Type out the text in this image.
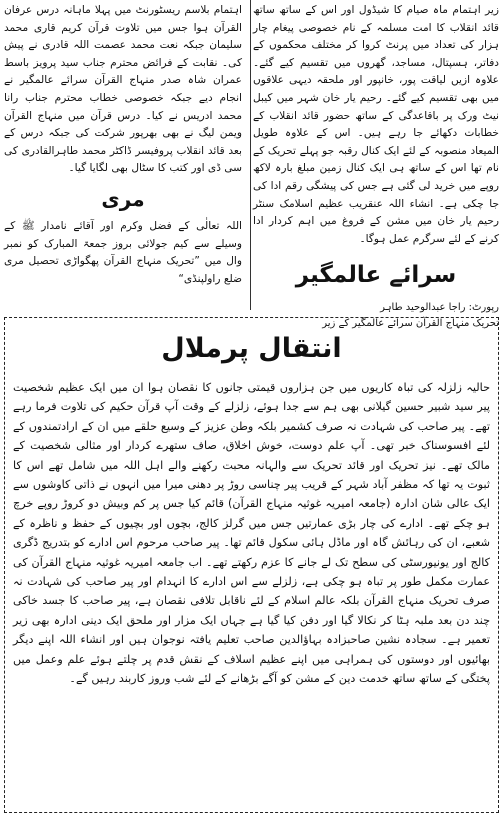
زیر اہتمام ماہ صیام کا شیڈول اور اس کے ساتھ ساتھ قائد انقلاب کا امت مسلمہ کے نام خصوصی پیغام چار ہزار کی تعداد میں پرنٹ کروا کر مختلف محکموں کے دفاتر، ہسپتال، مساجد، گھروں میں تقسیم کیے گئے۔ علاوہ ازیں لیاقت پور، خانپور اور ملحقہ دیہی علاقوں میں بھی تقسیم کیے گئے۔ رحیم یار خان شہر میں کیبل نیٹ ورک پر باقاعدگی کے ساتھ حضور قائد انقلاب کے خطابات دکھائے جا رہے ہیں۔ اس کے علاوہ طویل المیعاد منصوبہ کے لئے ایک کنال رقبہ جو پہلے تحریک کے نام تھا اس کے ساتھ ہی ایک کنال زمین مبلغ بارہ لاکھ روپے میں خرید لی گئی ہے جس کی پیشگی رقم ادا کی جا چکی ہے۔ انشاء اللہ عنقریب عظیم اسلامک سنٹر رحیم یار خان میں مشن کے فروغ میں اہم کردار ادا کرنے کے لئے سرگرم عمل ہوگا۔

سرائے عالمگیر
رپورٹ: راجا عبدالوحید طاہر
تحریک منہاج القرآن سرائے عالمگیر کے زیر

اہتمام بلاسم ریسٹورنٹ میں پہلا ماہانہ درس عرفان القرآن ہوا جس میں تلاوت قرآن کریم قاری محمد سلیمان جبکہ نعت محمد عصمت اللہ قادری نے پیش کی۔ نقابت کے فرائض محترم جناب سید پرویز باسط عمران شاہ صدر منہاج القرآن سرائے عالمگیر نے انجام دیے جبکہ خصوصی خطاب محترم جناب رانا محمد ادریس نے کیا۔ درس قرآن میں منہاج القرآن ویمن لیگ نے بھی بھرپور شرکت کی جبکہ درس کے بعد قائد انقلاب پروفیسر ڈاکٹر محمد طاہرالقادری کی سی ڈی اور کتب کا سٹال بھی لگایا گیا۔

مری

اللہ تعالٰی کے فضل وکرم اور آقائے نامدار ﷺ کے وسیلے سے کیم جولائی بروز جمعۃ المبارک کو نمبر وال میں ”تحریک منہاج القرآن پھگواڑی تحصیل مری ضلع راولپنڈی“

انتقال پرملال

حالیہ زلزلہ کی تباہ کاریوں میں جن ہزاروں قیمتی جانوں کا نقصان ہوا ان میں ایک عظیم شخصیت پیر سید شبیر حسین گیلانی بھی ہم سے جدا ہوئے، زلزلے کے وقت آپ قرآن حکیم کی تلاوت فرما رہے تھے۔ پیر صاحب کی شہادت نہ صرف کشمیر بلکہ وطن عزیز کے وسیع حلقے میں ان کے ارادتمندوں کے لئے افسوسناک خبر تھی۔ آپ علم دوست، خوش اخلاق، صاف ستھرے کردار اور مثالی شخصیت کے مالک تھے۔ نیز تحریک اور قائد تحریک سے والہانہ محبت رکھنے والے اہل اللہ میں شامل تھے اس کا ثبوت یہ تھا کہ مظفر آباد شہر کے قریب پیر چناسی روڑ پر دھنی میرا میں انہوں نے ذاتی کاوشوں سے ایک عالی شان ادارہ (جامعہ امیریہ غوثیہ منہاج القرآن) قائم کیا جس پر کم وبیش دو کروڑ روپے خرچ ہو چکے تھے۔ ادارے کی چار بڑی عمارتیں جس میں گرلز کالج، بچوں اور بچیوں کے حفظ و ناظرہ کے شعبے، ان کی رہائش گاہ اور ماڈل ہائی سکول قائم تھا۔ پیر صاحب مرحوم اس ادارے کو بتدریج ڈگری کالج اور یونیورسٹی کی سطح تک لے جانے کا عزم رکھتے تھے۔ اب جامعہ امیریہ غوثیہ منہاج القرآن کی عمارت مکمل طور پر تباہ ہو چکی ہے، زلزلے سے اس ادارے کا انہدام اور پیر صاحب کی شہادت نہ صرف تحریک منہاج القرآن بلکہ عالم اسلام کے لئے ناقابل تلافی نقصان ہے، پیر صاحب کا جسد خاکی چند دن بعد ملبہ ہٹا کر نکالا گیا اور دفن کیا گیا ہے جہاں ایک مزار اور ملحق ایک دینی ادارہ بھی زیر تعمیر ہے۔ سجادہ نشین صاحبزادہ بہاؤالدین صاحب تعلیم یافتہ نوجوان ہیں اور انشاء اللہ اپنے دیگر بھائیوں اور دوستوں کی ہمراہی میں اپنے عظیم اسلاف کے نقش قدم پر چلتے ہوئے علم وعمل میں پختگی کے ساتھ ساتھ خدمت دین کے مشن کو آگے بڑھانے کے لئے شب وروز کاربند رہیں گے۔
